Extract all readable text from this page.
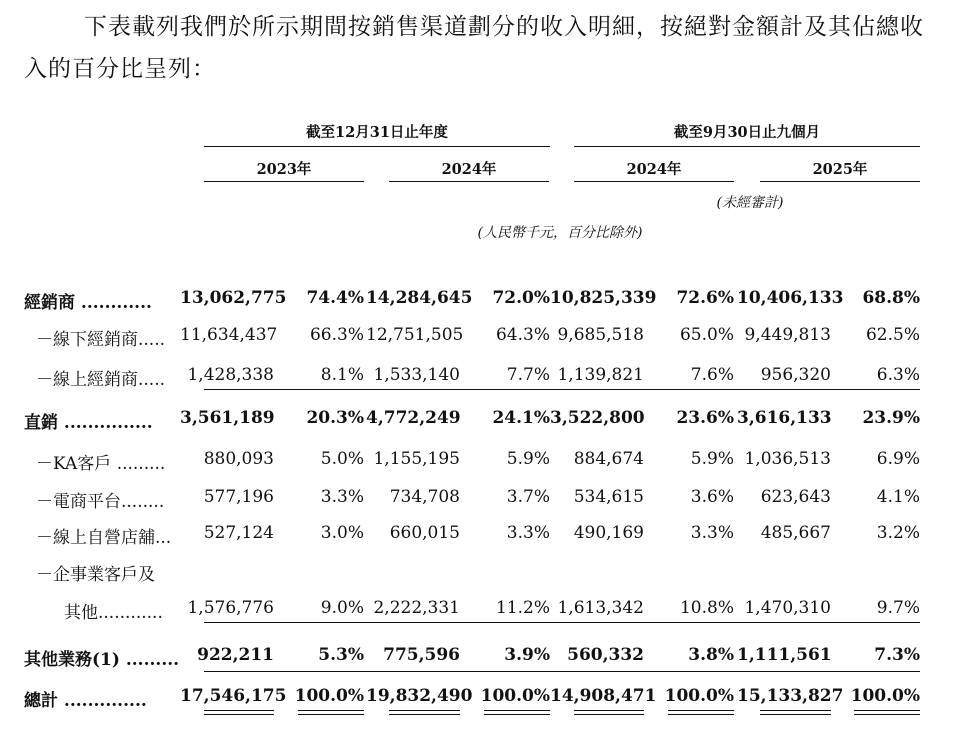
下表載列我們於所示期間按銷售渠道劃分的收入明細，按絕對金額計及其佔總收入的百分比呈列：

截至12月31日止年度	截至9月30日止九個月
2023年	2024年	2024年	2025年
(未經審計)
(人民幣千元，百分比除外)
經銷商 ............ 13,062,775	74.4% 14,284,645	72.0% 10,825,339	72.6% 10,406,133	68.8%
－線下經銷商..... 11,634,437	66.3% 12,751,505	64.3% 9,685,518	65.0% 9,449,813	62.5%
－線上經銷商.....	1,428,338	8.1% 1,533,140	7.7% 1,139,821	7.6%	956,320	6.3%
直銷 ............... 3,561,189	20.3% 4,772,249	24.1% 3,522,800	23.6% 3,616,133	23.9%
－KA客戶 .........	880,093	5.0% 1,155,195	5.9%	884,674	5.9% 1,036,513	6.9%
－電商平台........	577,196	3.3%	734,708	3.7%	534,615	3.6%	623,643	4.1%
－線上自營店舖...	527,124	3.0%	660,015	3.3%	490,169	3.3%	485,667	3.2%
－企事業客戶及
其他............	1,576,776	9.0% 2,222,331	11.2% 1,613,342	10.8% 1,470,310	9.7%
其他業務(1) .........	922,211	5.3%	775,596	3.9%	560,332	3.8% 1,111,561	7.3%
總計 .............. 17,546,175 100.0% 19,832,490 100.0% 14,908,471 100.0% 15,133,827 100.0%
